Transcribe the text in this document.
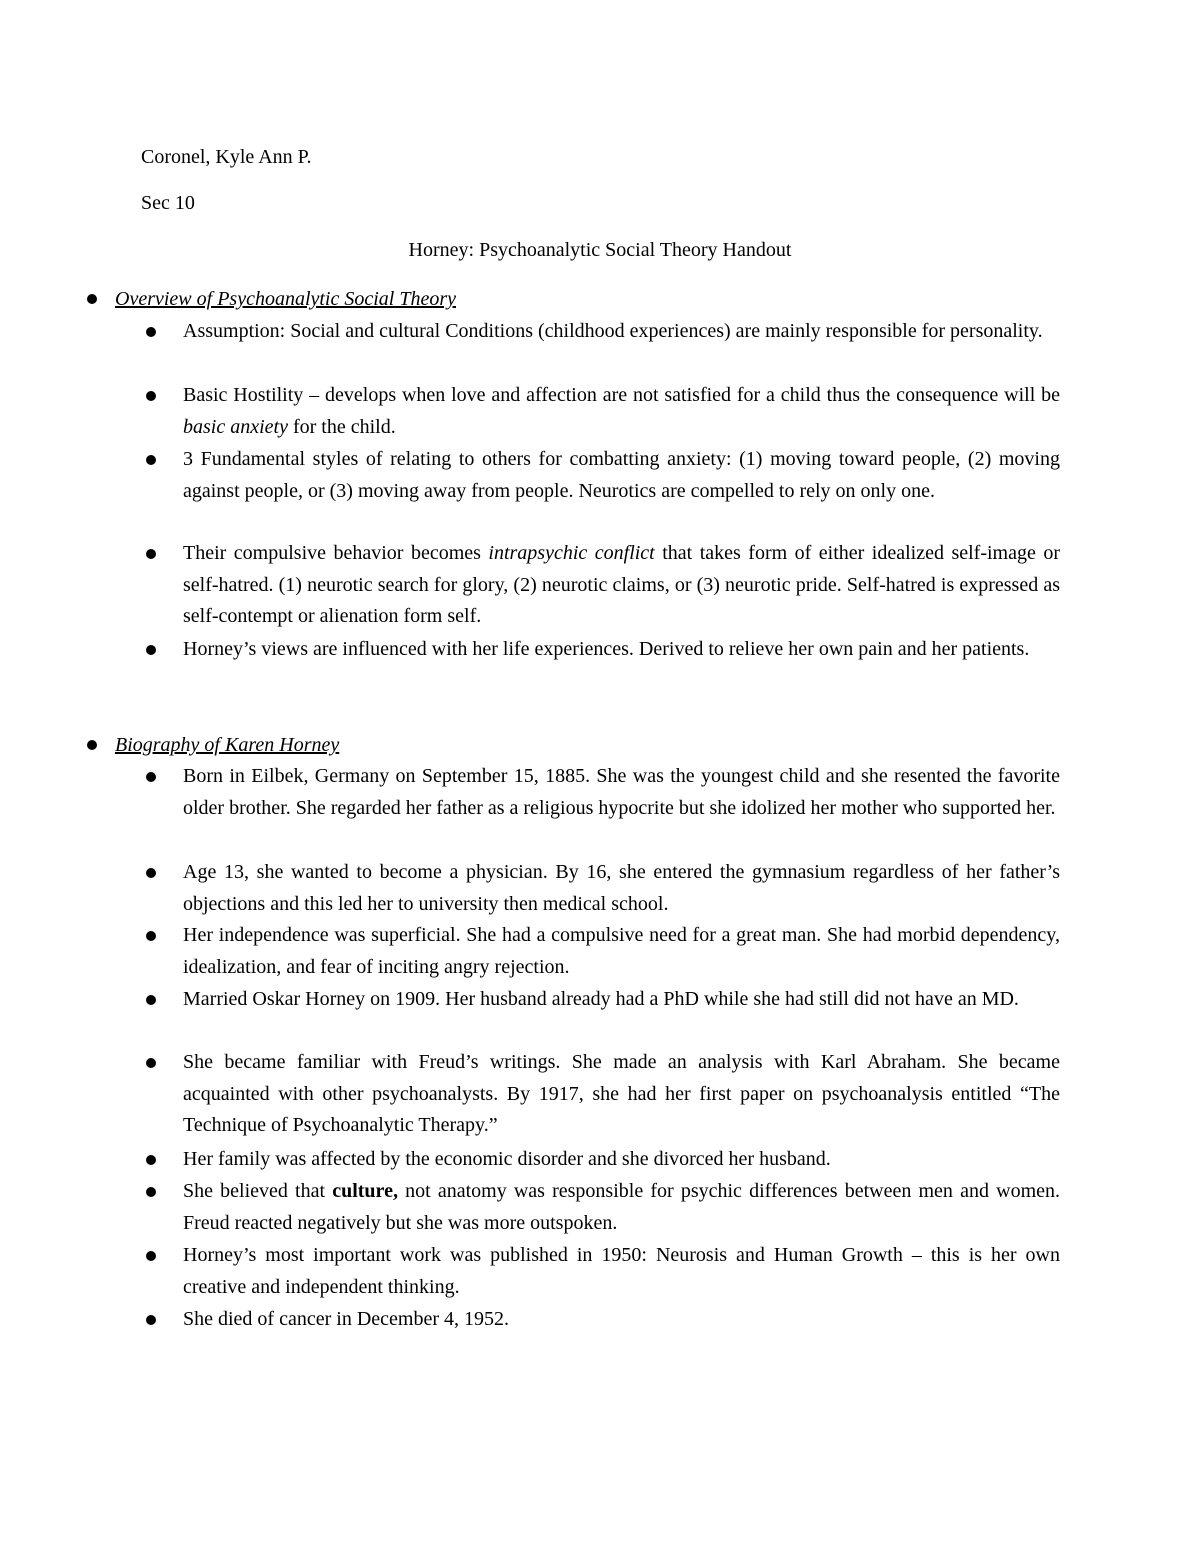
Coronel, Kyle Ann P.
Sec 10
Horney: Psychoanalytic Social Theory Handout
Overview of Psychoanalytic Social Theory

Assumption: Social and cultural Conditions (childhood experiences) are mainly responsible for personality.

Basic Hostility – develops when love and affection are not satisfied for a child thus the consequence will be basic anxiety for the child.

3 Fundamental styles of relating to others for combatting anxiety: (1) moving toward people, (2) moving against people, or (3) moving away from people. Neurotics are compelled to rely on only one.

Their compulsive behavior becomes intrapsychic conflict that takes form of either idealized self-image or self-hatred. (1) neurotic search for glory, (2) neurotic claims, or (3) neurotic pride. Self-hatred is expressed as self-contempt or alienation form self.

Horney’s views are influenced with her life experiences. Derived to relieve her own pain and her patients.

Biography of Karen Horney

Born in Eilbek, Germany on September 15, 1885. She was the youngest child and she resented the favorite older brother. She regarded her father as a religious hypocrite but she idolized her mother who supported her.

Age 13, she wanted to become a physician. By 16, she entered the gymnasium regardless of her father’s objections and this led her to university then medical school.

Her independence was superficial. She had a compulsive need for a great man. She had morbid dependency, idealization, and fear of inciting angry rejection.

Married Oskar Horney on 1909. Her husband already had a PhD while she had still did not have an MD.

She became familiar with Freud’s writings. She made an analysis with Karl Abraham. She became acquainted with other psychoanalysts. By 1917, she had her first paper on psychoanalysis entitled “The Technique of Psychoanalytic Therapy.”

Her family was affected by the economic disorder and she divorced her husband.

She believed that culture, not anatomy was responsible for psychic differences between men and women. Freud reacted negatively but she was more outspoken.

Horney’s most important work was published in 1950: Neurosis and Human Growth – this is her own creative and independent thinking.

She died of cancer in December 4, 1952.
